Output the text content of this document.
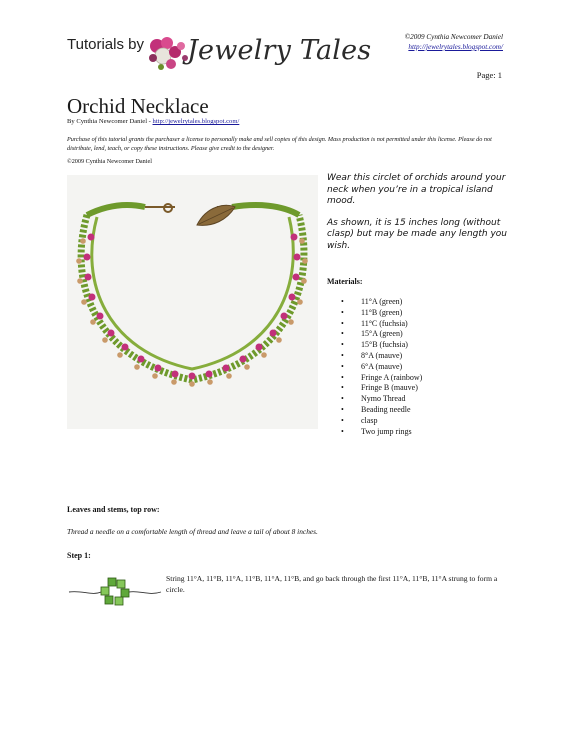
Tutorials by Jewelry Tales	©2009 Cynthia Newcomer Daniel
http://jewelrytales.blogspot.com/
Page: 1
Orchid Necklace
By Cynthia Newcomer Daniel - http://jewelrytales.blogspot.com/
Purchase of this tutorial grants the purchaser a license to personally make and sell copies of this design. Mass production is not permitted under this license. Please do not distribute, lend, teach, or copy these instructions. Please give credit to the designer.
©2009 Cynthia Newcomer Daniel

Wear this circlet of orchids around your neck when you’re in a tropical island mood.

As shown, it is 15 inches long (without clasp) but may be made any length you wish.

Materials:
• 11°A (green)
• 11°B (green)
• 11°C (fuchsia)
• 15°A (green)
• 15°B (fuchsia)
• 8°A (mauve)
• 6°A (mauve)
• Fringe A (rainbow)
• Fringe B (mauve)
• Nymo Thread
• Beading needle
• clasp
• Two jump rings
Leaves and stems, top row:
Thread a needle on a comfortable length of thread and leave a tail of about 8 inches.
Step 1:
String 11°A, 11°B, 11°A, 11°B, 11°A, 11°B, and go back through the first 11°A, 11°B, 11°A strung to form a circle.
